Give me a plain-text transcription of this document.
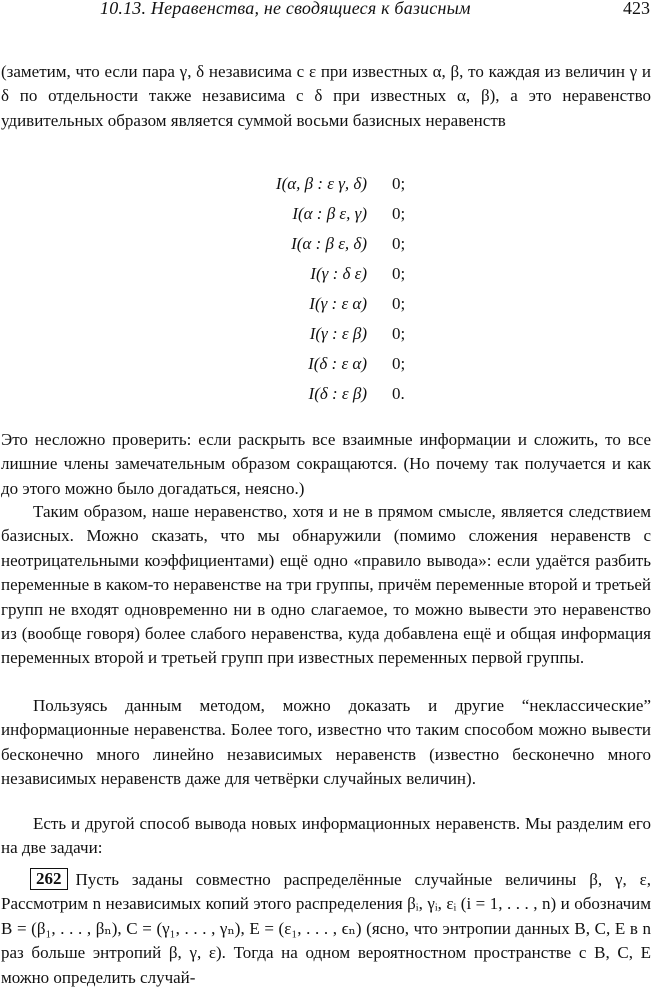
10.13. Неравенства, не сводящиеся к базисным	423
(заметим, что если пара γ, δ независима с ε при известных α, β, то каждая из величин γ и δ по отдельности также независима с δ при известных α, β), а это неравенство удивительных образом является суммой восьми базисных неравенств
I(α, β : ε γ, δ) 0;
I(α : β ε, γ) 0;
I(α : β ε, δ) 0;
I(γ : δ ε) 0;
I(γ : ε α) 0;
I(γ : ε β) 0;
I(δ : ε α) 0;
I(δ : ε β) 0.
Это несложно проверить: если раскрыть все взаимные информации и сложить, то все лишние члены замечательным образом сокращаются. (Но почему так получается и как до этого можно было догадаться, неясно.)
Таким образом, наше неравенство, хотя и не в прямом смысле, является следствием базисных. Можно сказать, что мы обнаружили (помимо сложения неравенств с неотрицательными коэффициентами) ещё одно «правило вывода»: если удаётся разбить переменные в каком-то неравенстве на три группы, причём переменные второй и третьей групп не входят одновременно ни в одно слагаемое, то можно вывести это неравенство из (вообще говоря) более слабого неравенства, куда добавлена ещё и общая информация переменных второй и третьей групп при известных переменных первой группы.
Пользуясь данным методом, можно доказать и другие “неклассические” информационные неравенства. Более того, известно что таким способом можно вывести бесконечно много линейно независимых неравенств (известно бесконечно много независимых неравенств даже для четвёрки случайных величин).
Есть и другой способ вывода новых информационных неравенств. Мы разделим его на две задачи:
262 Пусть заданы совместно распределённые случайные величины β, γ, ε, Рассмотрим n независимых копий этого распределения βᵢ, γᵢ, εᵢ (i = 1, . . . , n) и обозначим B = (β₁, . . . , βₙ), C = (γ₁, . . . , γₙ), E = (ε₁, . . . , ϵₙ) (ясно, что энтропии данных B, C, E в n раз больше энтропий β, γ, ε). Тогда на одном вероятностном пространстве с B, C, E можно определить случай-
